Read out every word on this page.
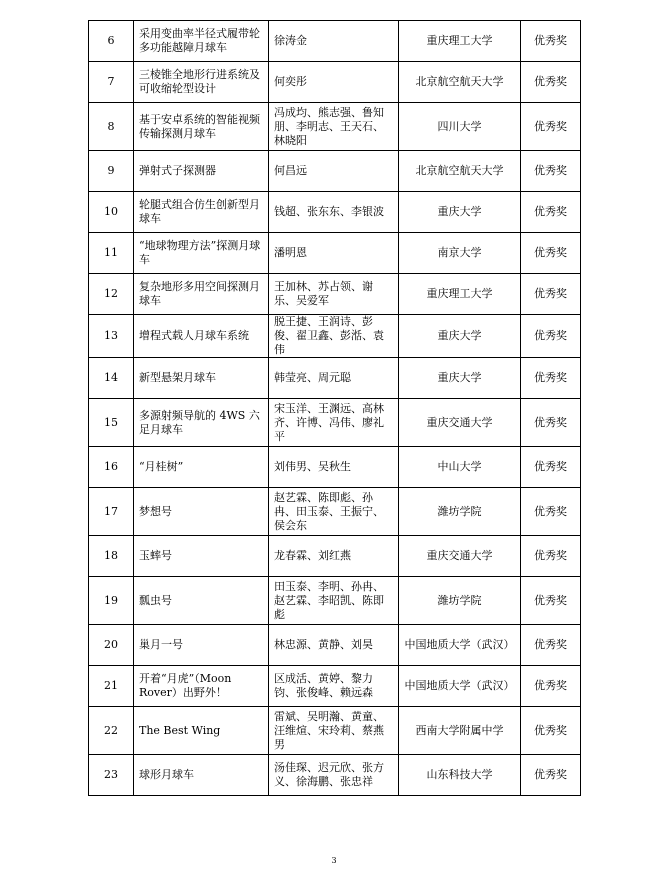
6	采用变曲率半径式履带轮多功能越障月球车	徐涛金	重庆理工大学	优秀奖
7	三棱锥全地形行进系统及可收缩轮型设计	何奕彤	北京航空航天大学	优秀奖
8	基于安卓系统的智能视频传输探测月球车	冯成均、熊志强、鲁知朋、李明志、王天石、林晓阳	四川大学	优秀奖
9	弹射式子探测器	何昌远	北京航空航天大学	优秀奖
10	轮腿式组合仿生创新型月球车	钱超、张东东、李银波	重庆大学	优秀奖
11	“地球物理方法”探测月球车	潘明恩	南京大学	优秀奖
12	复杂地形多用空间探测月球车	王加林、苏占领、谢乐、吴爱军	重庆理工大学	优秀奖
13	增程式载人月球车系统	脱王捷、王润诗、彭俊、翟卫鑫、彭湉、袁伟	重庆大学	优秀奖
14	新型悬架月球车	韩莹亮、周元聪	重庆大学	优秀奖
15	多源射频导航的 4WS 六足月球车	宋玉洋、王渊远、高林齐、许博、冯伟、廖礼平	重庆交通大学	优秀奖
16	“月桂树”	刘伟男、吴秋生	中山大学	优秀奖
17	梦想号	赵艺霖、陈即彪、孙冉、田玉泰、王振宁、侯会东	潍坊学院	优秀奖
18	玉蟀号	龙春霖、刘红燕	重庆交通大学	优秀奖
19	瓢虫号	田玉泰、李明、孙冉、赵艺霖、李昭凯、陈即彪	潍坊学院	优秀奖
20	巢月一号	林忠源、黄静、刘昊	中国地质大学（武汉）	优秀奖
21	开着“月虎”（Moon Rover）出野外！	区成活、黄婷、黎力钧、张俊峰、赖远森	中国地质大学（武汉）	优秀奖
22	The Best Wing	雷斌、吴明瀚、黄童、汪维煊、宋玲莉、蔡燕男	西南大学附属中学	优秀奖
23	球形月球车	汤佳琛、迟元欣、张方义、徐海鹏、张忠祥	山东科技大学	优秀奖
3
